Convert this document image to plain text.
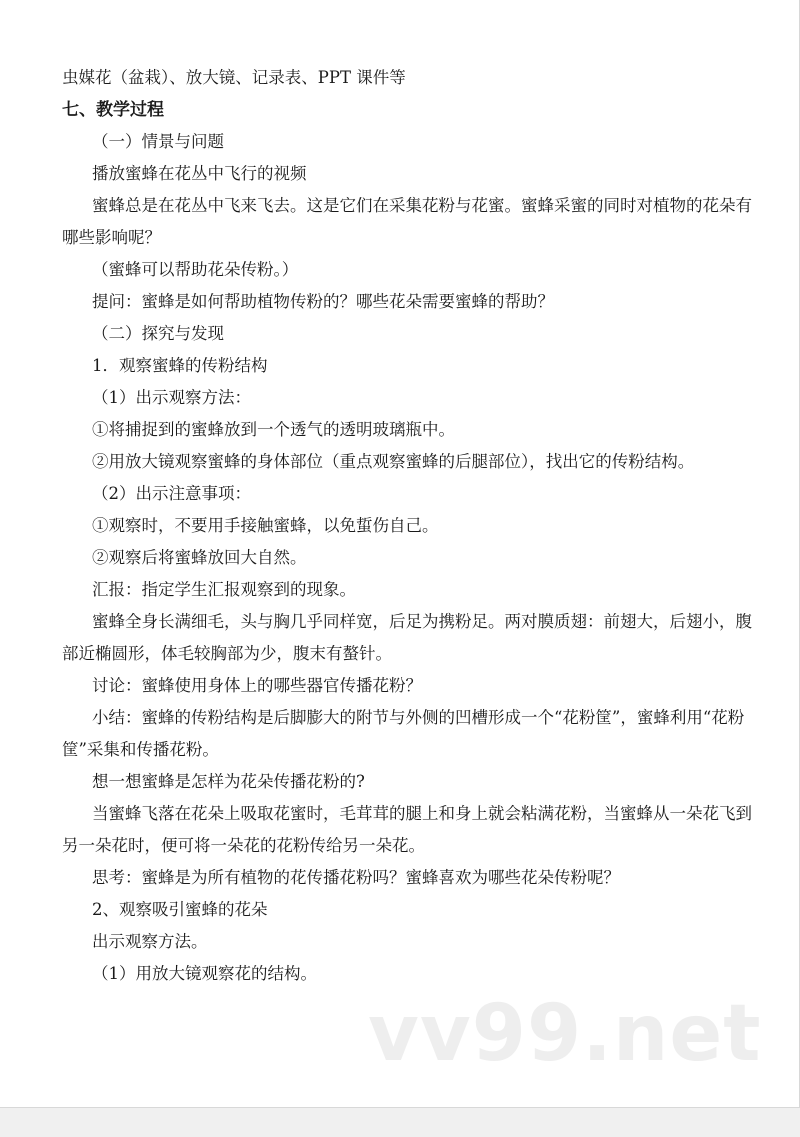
虫媒花（盆栽）、放大镜、记录表、PPT 课件等

七、教学过程

（一）情景与问题

播放蜜蜂在花丛中飞行的视频

蜜蜂总是在花丛中飞来飞去。这是它们在采集花粉与花蜜。蜜蜂采蜜的同时对植物的花朵有哪些影响呢？

（蜜蜂可以帮助花朵传粉。）

提问：蜜蜂是如何帮助植物传粉的？哪些花朵需要蜜蜂的帮助？

（二）探究与发现

1．观察蜜蜂的传粉结构

（1）出示观察方法：

①将捕捉到的蜜蜂放到一个透气的透明玻璃瓶中。

②用放大镜观察蜜蜂的身体部位（重点观察蜜蜂的后腿部位），找出它的传粉结构。

（2）出示注意事项：

①观察时，不要用手接触蜜蜂，以免蜇伤自己。

②观察后将蜜蜂放回大自然。

汇报：指定学生汇报观察到的现象。

蜜蜂全身长满细毛，头与胸几乎同样宽，后足为携粉足。两对膜质翅：前翅大，后翅小，腹部近椭圆形，体毛较胸部为少，腹末有螯针。

讨论：蜜蜂使用身体上的哪些器官传播花粉？

小结：蜜蜂的传粉结构是后脚膨大的附节与外侧的凹槽形成一个“花粉筐”，蜜蜂利用“花粉筐”采集和传播花粉。

想一想蜜蜂是怎样为花朵传播花粉的?

当蜜蜂飞落在花朵上吸取花蜜时，毛茸茸的腿上和身上就会粘满花粉，当蜜蜂从一朵花飞到另一朵花时，便可将一朵花的花粉传给另一朵花。

思考：蜜蜂是为所有植物的花传播花粉吗？蜜蜂喜欢为哪些花朵传粉呢？

2、观察吸引蜜蜂的花朵

出示观察方法。

（1）用放大镜观察花的结构。

vv99.net
